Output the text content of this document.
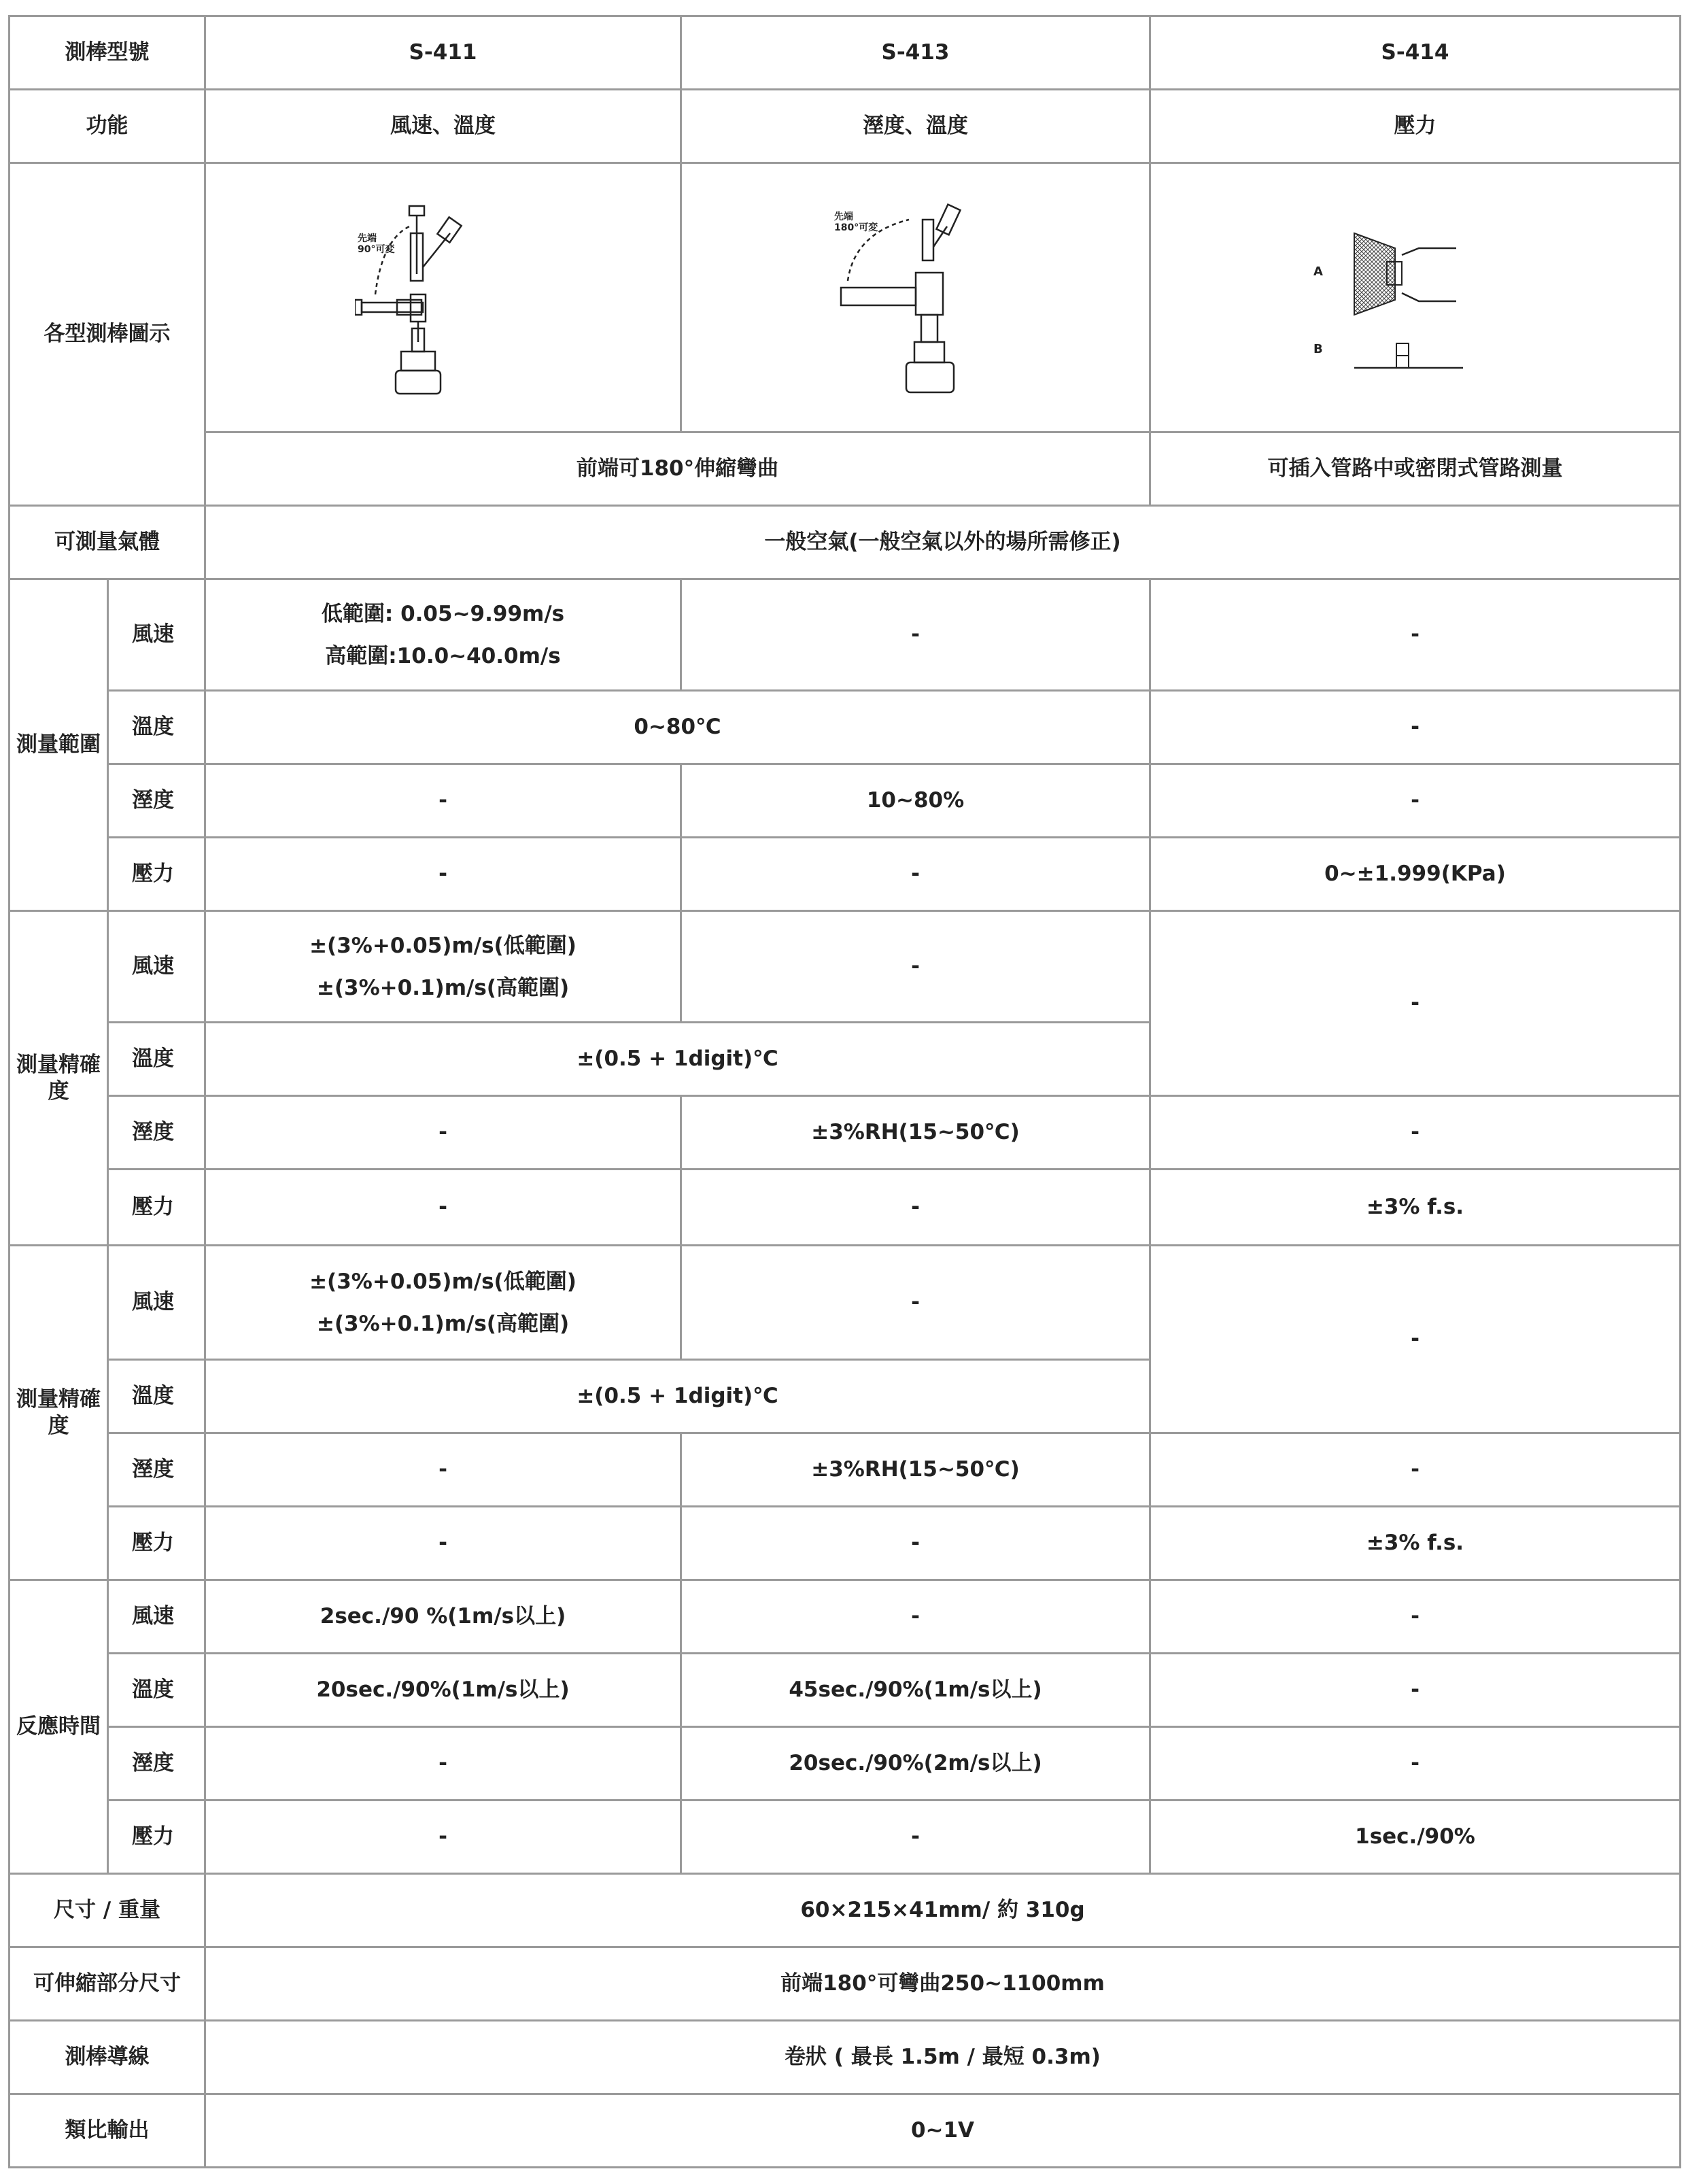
測棒型號		S-411	S-413	S-414
功能		風速、溫度	溼度、溫度	壓力
各型測棒圖示		先端 90°可変	先端 180°可変	A
B

		前端可180°伸縮彎曲		可插入管路中或密閉式管路測量
可測量氣體		一般空氣(一般空氣以外的場所需修正)		
測量範圍	風速	低範圍: 0.05~9.99m/s
高範圍:10.0~40.0m/s	-	-
	溫度	0~80℃		-
	溼度	-	10~80%	-
	壓力	-	-	0~±1.999(KPa)
測量精確度	風速	±(3%+0.05)m/s(低範圍)
±(3%+0.1)m/s(高範圍)	-	-
	溫度	±(0.5 + 1digit)℃		
	溼度	-	±3%RH(15~50℃)	-
	壓力	-	-	±3% f.s.
測量精確度	風速	±(3%+0.05)m/s(低範圍)
±(3%+0.1)m/s(高範圍)	-	-
	溫度	±(0.5 + 1digit)℃		
	溼度	-	±3%RH(15~50℃)	-
	壓力	-	-	±3% f.s.
反應時間	風速	2sec./90 %(1m/s以上)	-	-
	溫度	20sec./90%(1m/s以上)	45sec./90%(1m/s以上)	-
	溼度	-	20sec./90%(2m/s以上)	-
	壓力	-	-	1sec./90%
尺寸 / 重量		60×215×41mm/ 約 310g		
可伸縮部分尺寸		前端180°可彎曲250~1100mm		
測棒導線		卷狀 ( 最長 1.5m / 最短 0.3m)		
類比輸出		0~1V		
